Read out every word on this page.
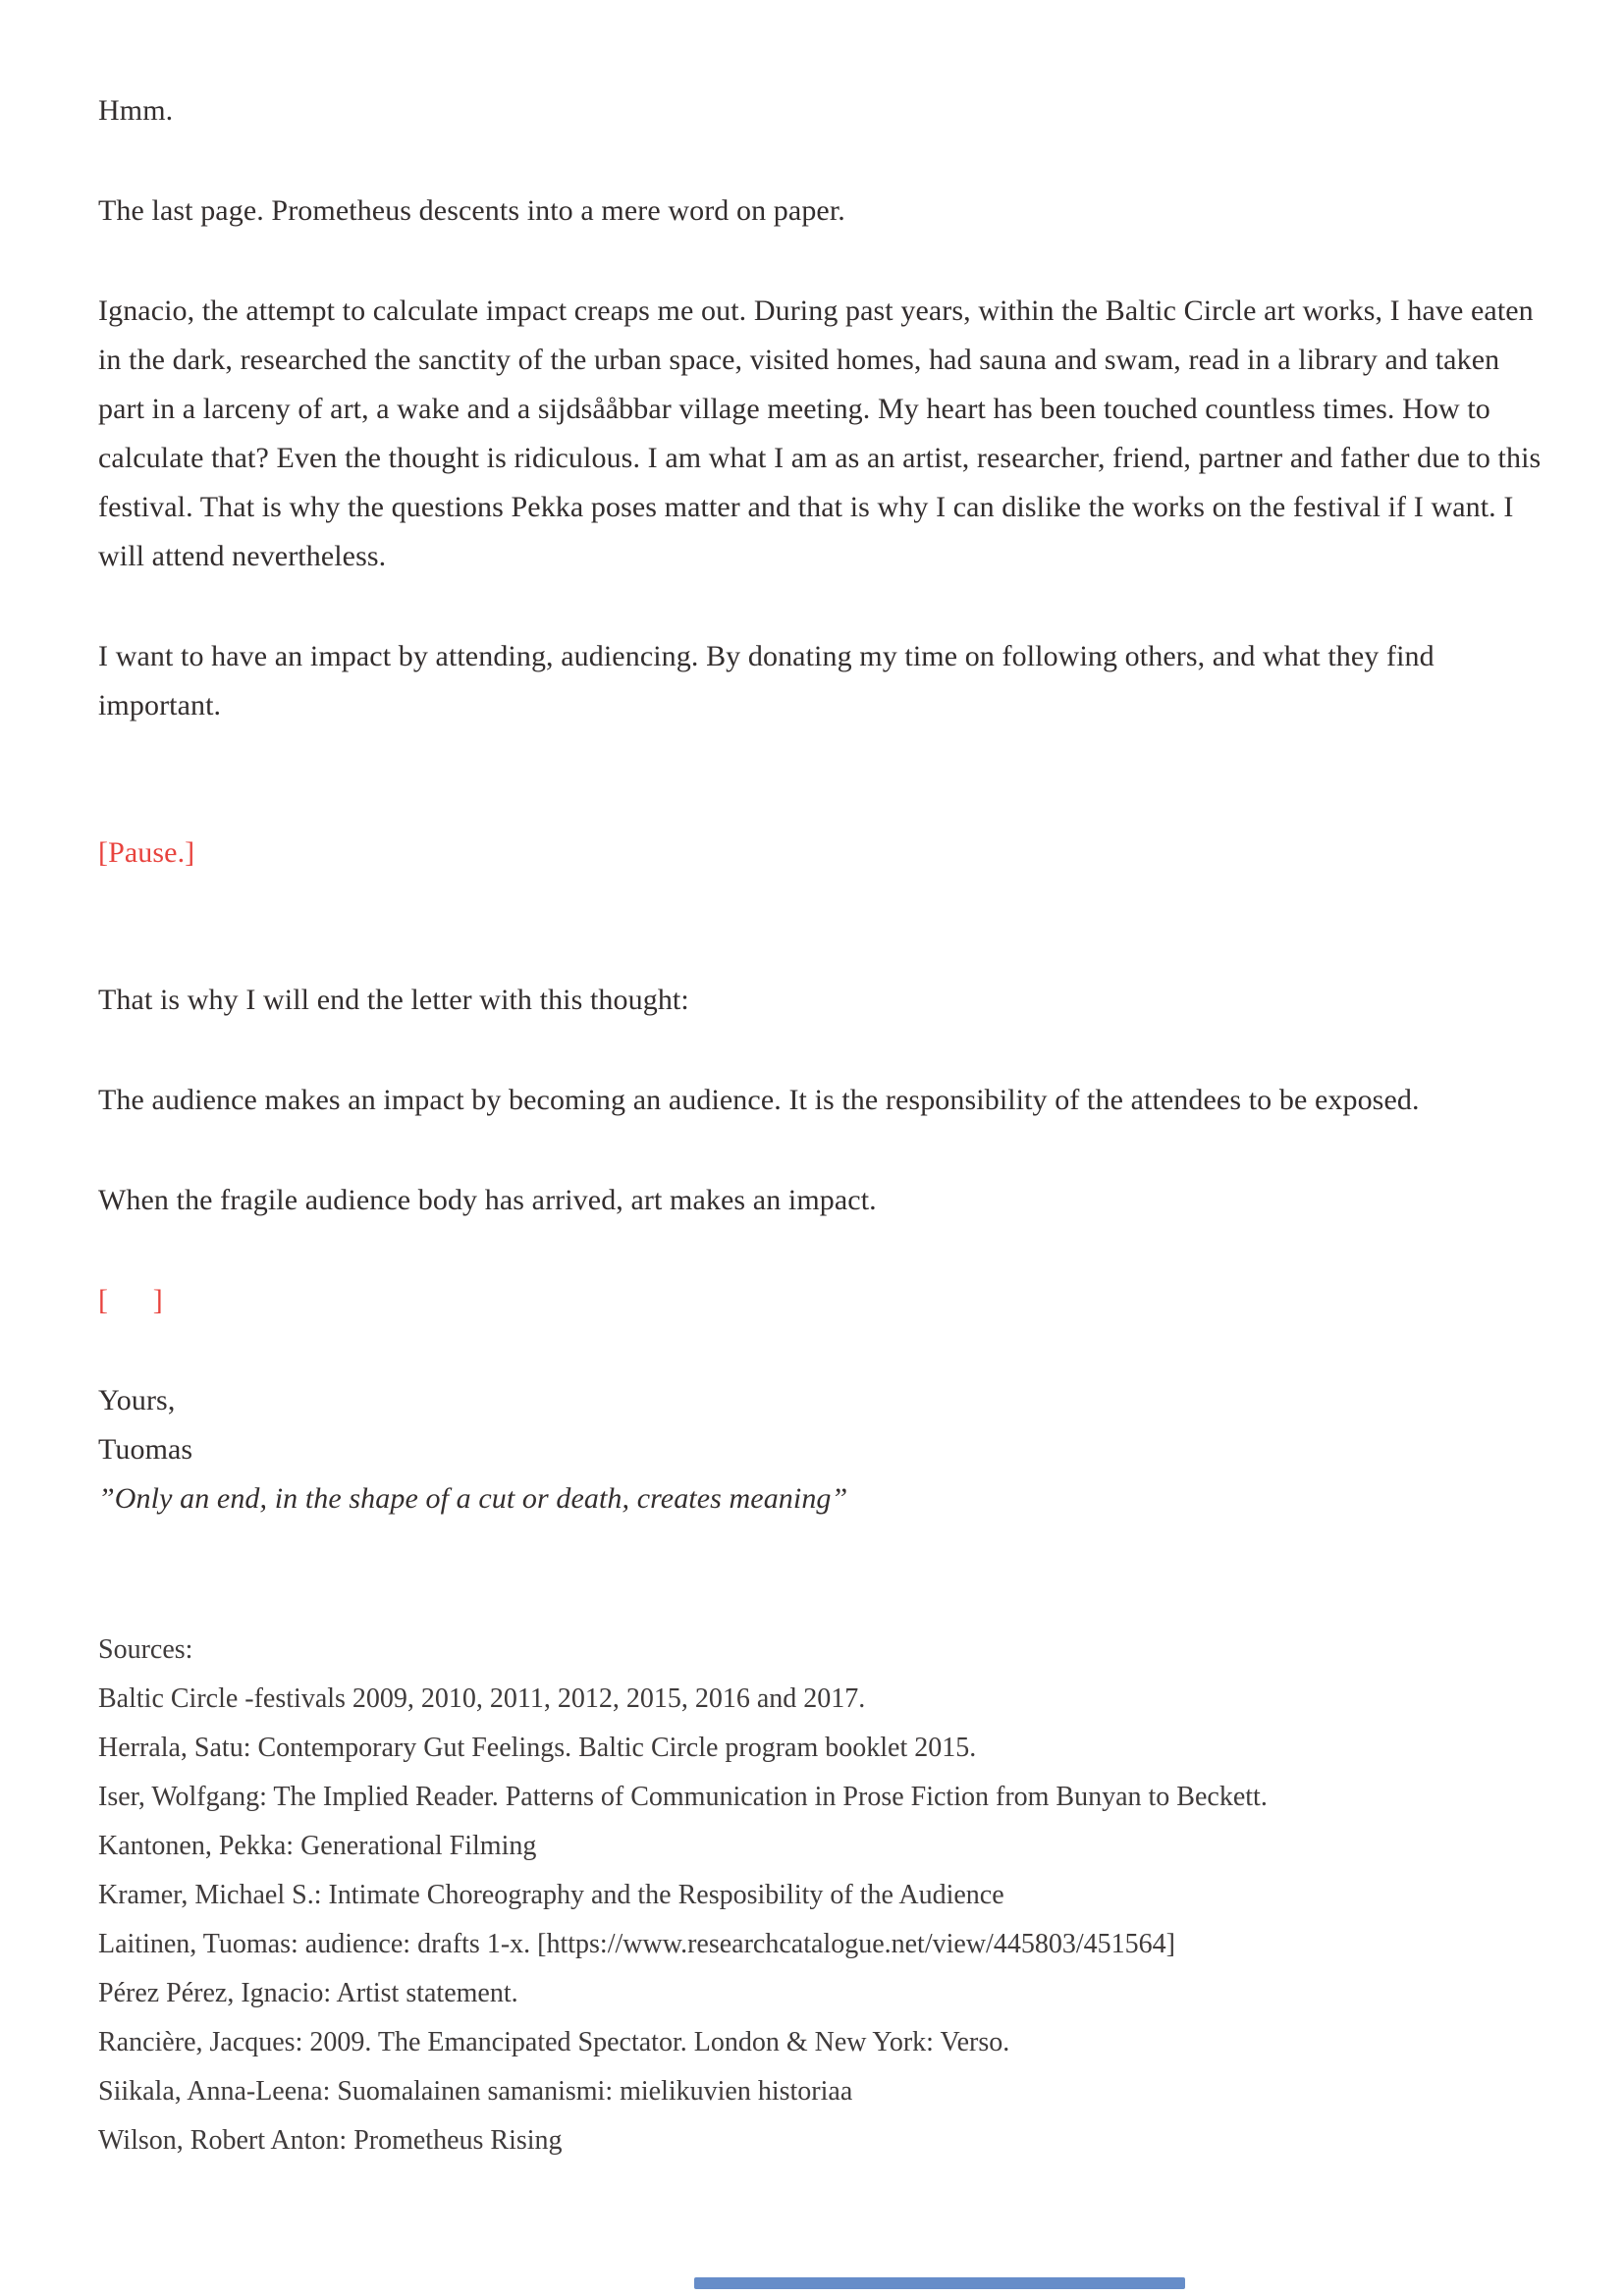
Hmm.

The last page. Prometheus descents into a mere word on paper.

Ignacio, the attempt to calculate impact creaps me out. During past years, within the Baltic Circle art works, I have eaten in the dark, researched the sanctity of the urban space, visited homes, had sauna and swam, read in a library and taken part in a larceny of art, a wake and a sijdsååbbar village meeting. My heart has been touched countless times. How to calculate that? Even the thought is ridiculous. I am what I am as an artist, researcher, friend, partner and father due to this festival. That is why the questions Pekka poses matter and that is why I can dislike the works on the festival if I want. I will attend nevertheless.

I want to have an impact by attending, audiencing. By donating my time on following others, and what they find important.

[Pause.]

That is why I will end the letter with this thought:

The audience makes an impact by becoming an audience. It is the responsibility of the attendees to be exposed.

When the fragile audience body has arrived, art makes an impact.

[      ]

Yours,
Tuomas
”Only an end, in the shape of a cut or death, creates meaning”
Sources:
Baltic Circle -festivals 2009, 2010, 2011, 2012, 2015, 2016 and 2017.
Herrala, Satu: Contemporary Gut Feelings. Baltic Circle program booklet 2015.
Iser, Wolfgang: The Implied Reader. Patterns of Communication in Prose Fiction from Bunyan to Beckett.
Kantonen, Pekka: Generational Filming
Kramer, Michael S.: Intimate Choreography and the Resposibility of the Audience
Laitinen, Tuomas: audience: drafts 1-x. [https://www.researchcatalogue.net/view/445803/451564]
Pérez Pérez, Ignacio: Artist statement.
Rancière, Jacques: 2009. The Emancipated Spectator. London & New York: Verso.
Siikala, Anna-Leena: Suomalainen samanismi: mielikuvien historiaa
Wilson, Robert Anton: Prometheus Rising
